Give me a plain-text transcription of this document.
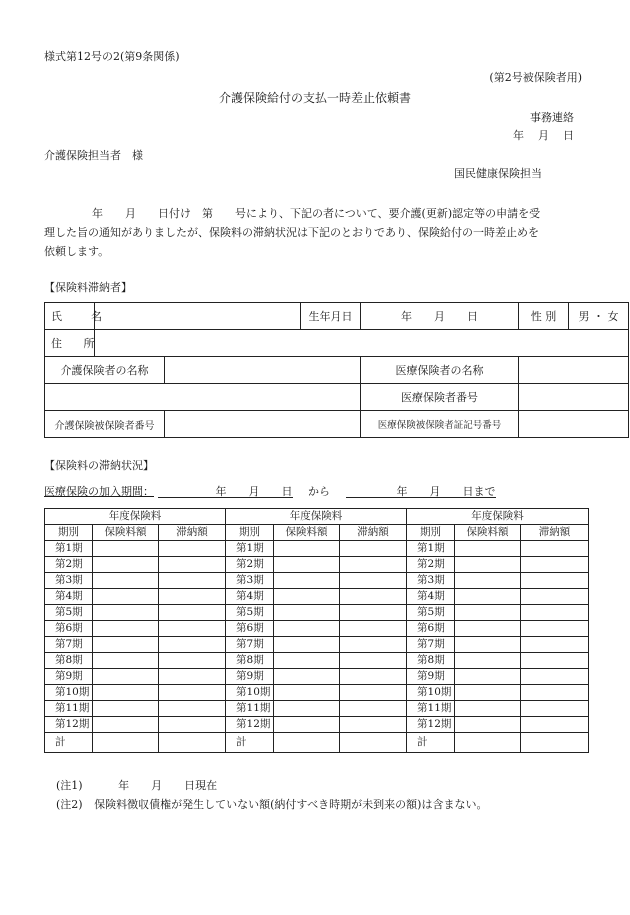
様式第12号の2(第9条関係)
(第2号被保険者用)
介護保険給付の支払一時差止依頼書
事務連絡
年 月 日
介護保険担当者　様
国民健康保険担当
年　　月　　日付け　第　　号により、下記の者について、要介護(更新)認定等の申請を受
理した旨の通知がありましたが、保険料の滞納状況は下記のとおりであり、保険給付の一時差止めを
依頼します。
【保険料滞納者】
氏　名			生年月日	年　　月　　日	性 別	男 ・ 女
住 所						
介護保険者の名称				医療保険者の名称		
				医療保険者番号		
介護保険被保険者番号				医療保険被保険者証記号番号		
【保険料の滞納状況】
医療保険の加入期間：	年　　月　　日 から	年　　月　　日まで
年度保険料			年度保険料			年度保険料		
期別	保険料額	滞納額	期別	保険料額	滞納額	期別	保険料額	滞納額
第1期			第1期			第1期		
第2期			第2期			第2期		
第3期			第3期			第3期		
第4期			第4期			第4期		
第5期			第5期			第5期		
第6期			第6期			第6期		
第7期			第7期			第7期		
第8期			第8期			第8期		
第9期			第9期			第9期		
第10期			第10期			第10期		
第11期			第11期			第11期		
第12期			第12期			第12期		
計			計			計		
(注1)	年　　月　　日現在
(注2) 保険料徴収債権が発生していない額(納付すべき時期が未到来の額)は含まない。
